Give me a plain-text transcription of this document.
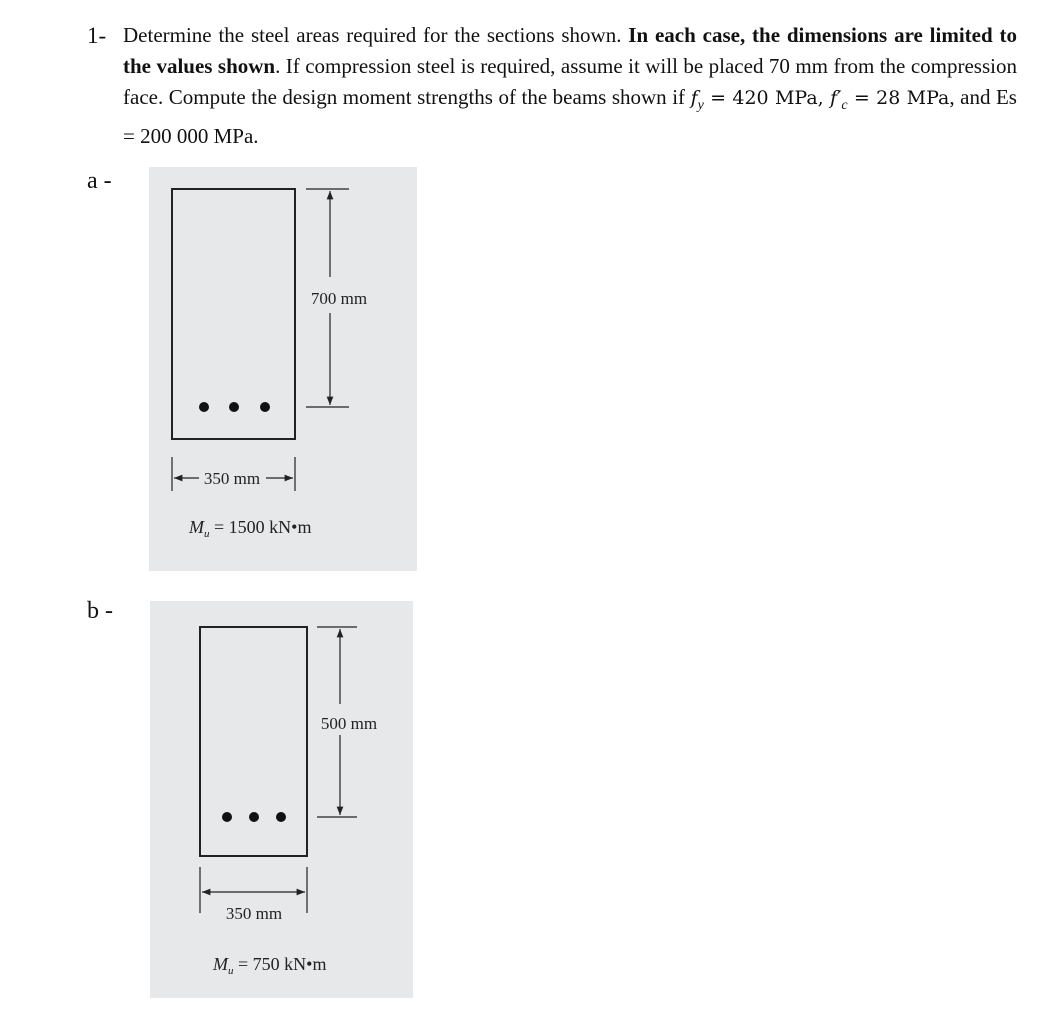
1- Determine the steel areas required for the sections shown. In each case, the dimensions are limited to the values shown. If compression steel is required, assume it will be placed 70 mm from the compression face. Compute the design moment strengths of the beams shown if $f_y = 420$ MPa, $f'_c = 28$ MPa, and Es = 200 000 MPa.
a -
700 mm
350 mm
$M_u = 1500$ kN•m
b -
500 mm
350 mm
$M_u = 750$ kN•m
